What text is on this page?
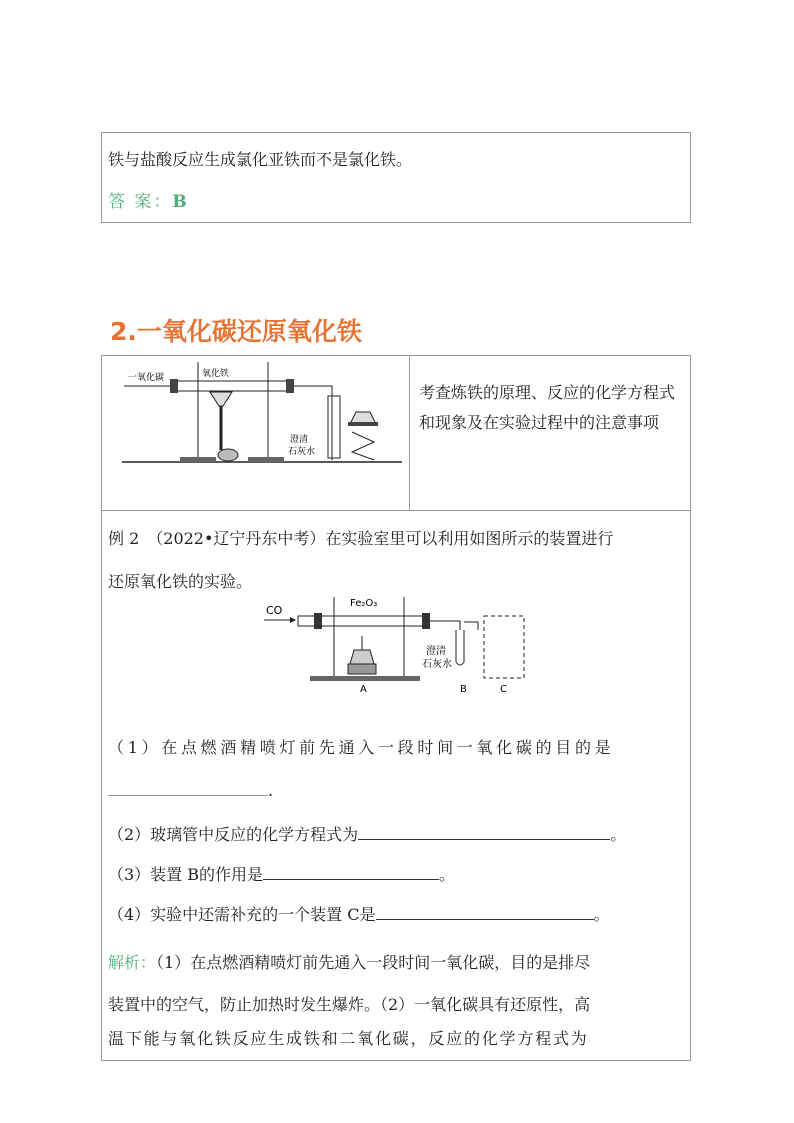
铁与盐酸反应生成氯化亚铁而不是氯化铁。
答 案：B
2.一氧化碳还原氧化铁
一氧化碳	氧化铁
澄清
石灰水
考查炼铁的原理、反应的化学方程式和现象及在实验过程中的注意事项
例 2　（2022•辽宁丹东中考）在实验室里可以利用如图所示的装置进行
还原氧化铁的实验。
CO
Fe₂O₃
澄清
石灰水
A	B	C
（1）在点燃酒精喷灯前先通入一段时间一氧化碳的目的是
.
（2）玻璃管中反应的化学方程式为	。
（3）装置 B的作用是	。
（4）实验中还需补充的一个装置 C是	。
解析：（1）在点燃酒精喷灯前先通入一段时间一氧化碳，目的是排尽
装置中的空气，防止加热时发生爆炸。（2）一氧化碳具有还原性，高
温下能与氧化铁反应生成铁和二氧化碳，反应的化学方程式为
